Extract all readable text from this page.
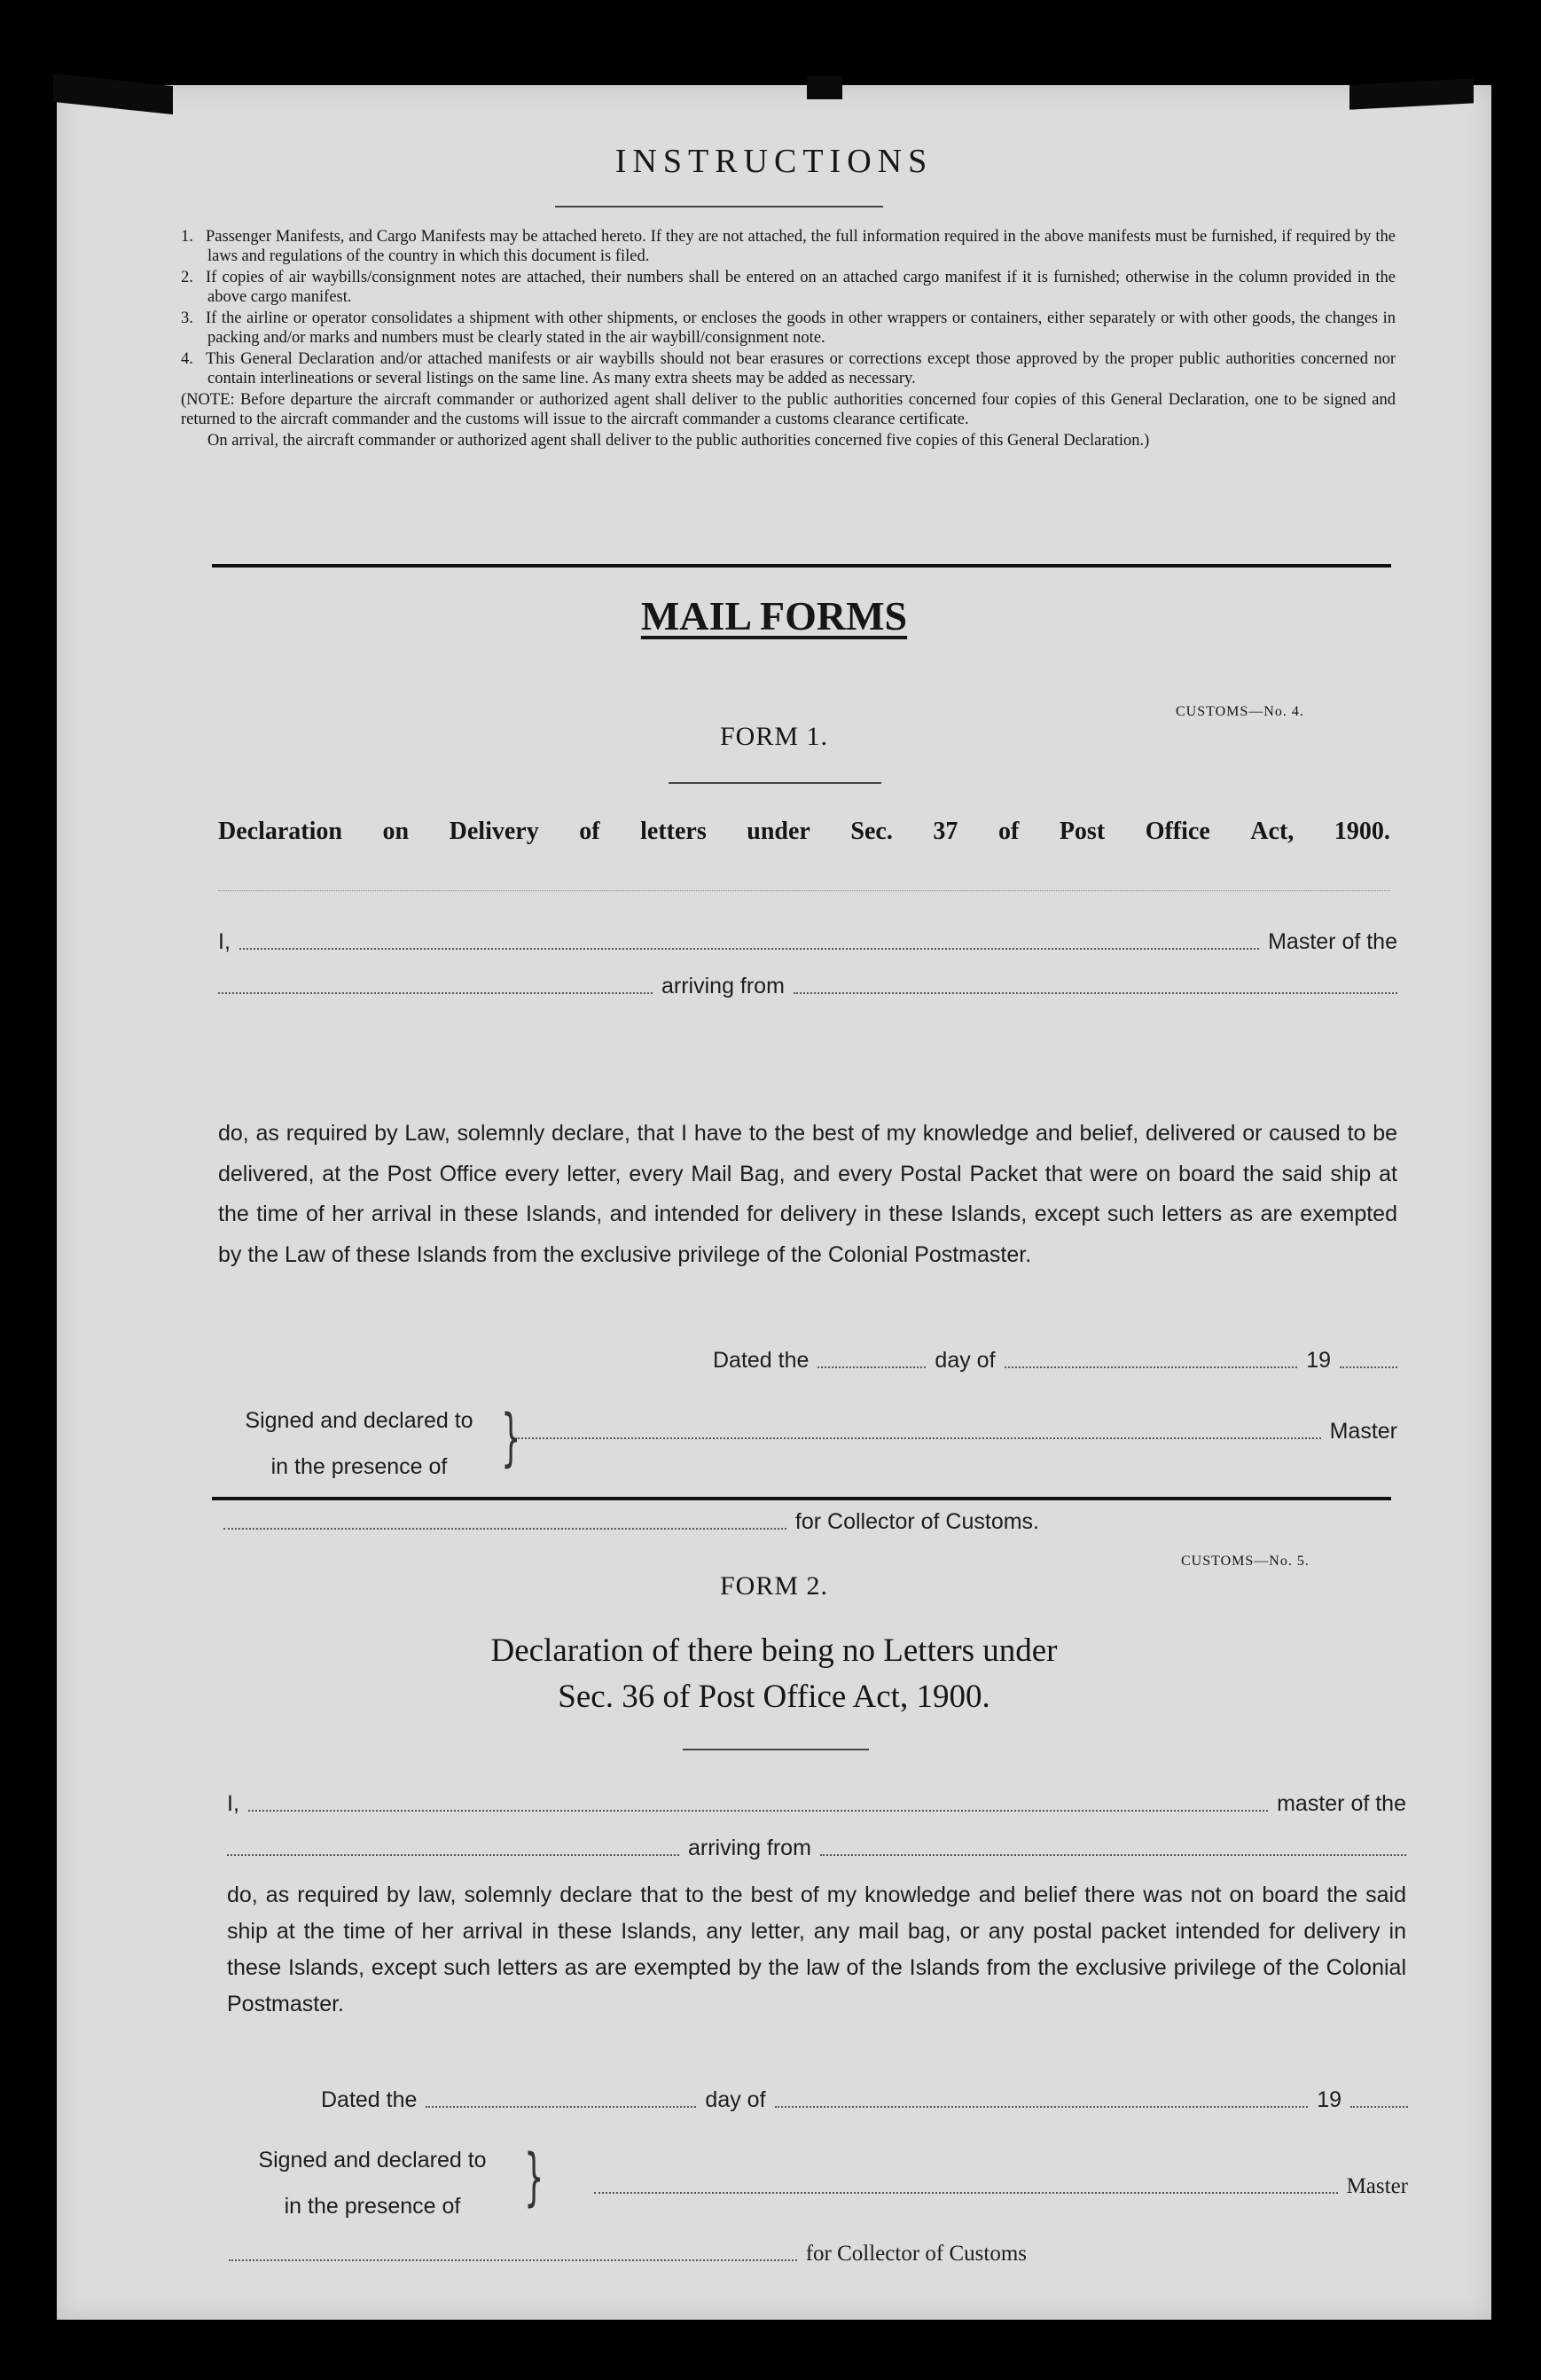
INSTRUCTIONS

1. Passenger Manifests, and Cargo Manifests may be attached hereto. If they are not attached, the full information required in the above manifests must be furnished, if required by the laws and regulations of the country in which this document is filed.

2. If copies of air waybills/consignment notes are attached, their numbers shall be entered on an attached cargo manifest if it is furnished; otherwise in the column provided in the above cargo manifest.

3. If the airline or operator consolidates a shipment with other shipments, or encloses the goods in other wrappers or containers, either separately or with other goods, the changes in packing and/or marks and numbers must be clearly stated in the air waybill/consignment note.

4. This General Declaration and/or attached manifests or air waybills should not bear erasures or corrections except those approved by the proper public authorities concerned nor contain interlineations or several listings on the same line. As many extra sheets may be added as necessary.

(NOTE: Before departure the aircraft commander or authorized agent shall deliver to the public authorities concerned four copies of this General Declaration, one to be signed and returned to the aircraft commander and the customs will issue to the aircraft commander a customs clearance certificate.

On arrival, the aircraft commander or authorized agent shall deliver to the public authorities concerned five copies of this General Declaration.)

MAIL FORMS
CUSTOMS—No. 4.
FORM 1.
Declaration on Delivery of letters under Sec. 37 of Post Office Act, 1900.
I,	Master of the
arriving from
do, as required by Law, solemnly declare, that I have to the best of my knowledge and belief, delivered or caused to be delivered, at the Post Office every letter, every Mail Bag, and every Postal Packet that were on board the said ship at the time of her arrival in these Islands, and intended for delivery in these Islands, except such letters as are exempted by the Law of these Islands from the exclusive privilege of the Colonial Postmaster.
Dated the	day of	19
Signed and declared to
in the presence of }	Master
for Collector of Customs.
CUSTOMS—No. 5.
FORM 2.
Declaration of there being no Letters under
Sec. 36 of Post Office Act, 1900.
I,	master of the
arriving from
do, as required by law, solemnly declare that to the best of my knowledge and belief there was not on board the said ship at the time of her arrival in these Islands, any letter, any mail bag, or any postal packet intended for delivery in these Islands, except such letters as are exempted by the law of the Islands from the exclusive privilege of the Colonial Postmaster.
Dated the	day of	19
Signed and declared to
in the presence of	}	Master
for Collector of Customs
